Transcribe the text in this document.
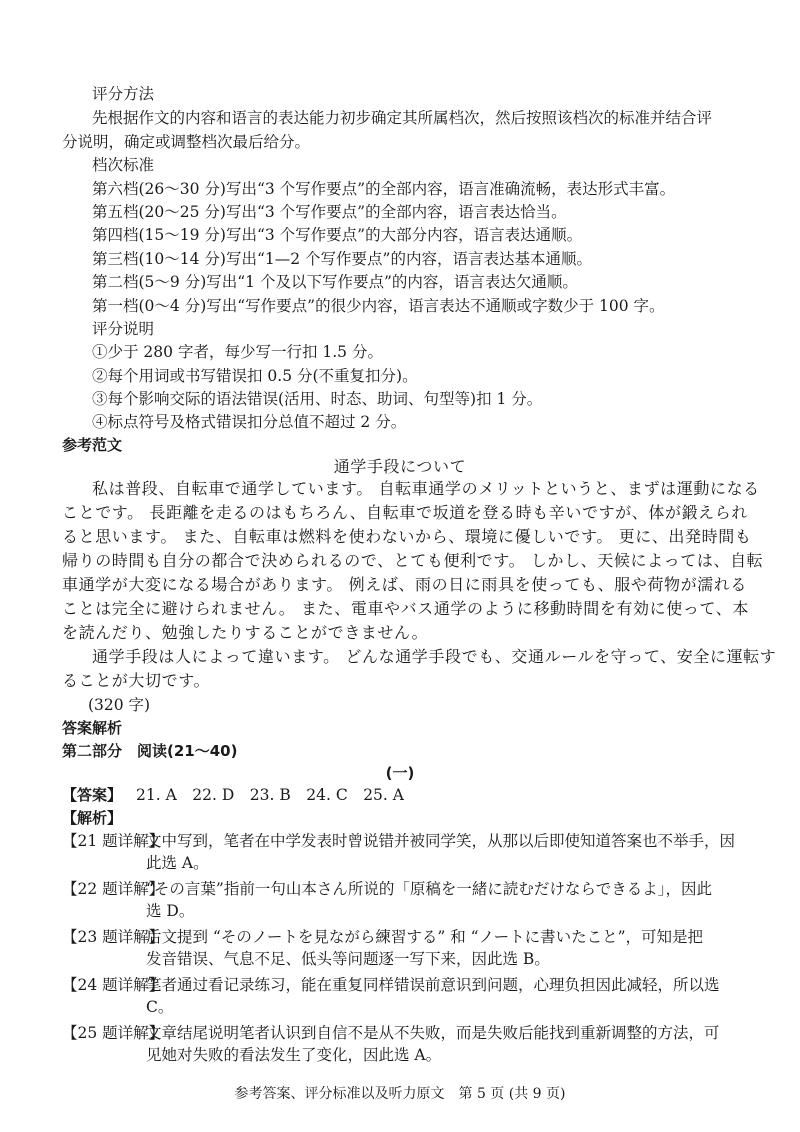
评分方法
先根据作文的内容和语言的表达能力初步确定其所属档次，然后按照该档次的标准并结合评
分说明，确定或调整档次最后给分。
档次标准
第六档(26～30 分)写出“3 个写作要点”的全部内容，语言准确流畅，表达形式丰富。
第五档(20～25 分)写出“3 个写作要点”的全部内容，语言表达恰当。
第四档(15～19 分)写出“3 个写作要点”的大部分内容，语言表达通顺。
第三档(10～14 分)写出“1—2 个写作要点”的内容，语言表达基本通顺。
第二档(5～9 分)写出“1 个及以下写作要点”的内容，语言表达欠通顺。
第一档(0～4 分)写出“写作要点”的很少内容，语言表达不通顺或字数少于 100 字。
评分说明
①少于 280 字者，每少写一行扣 1.5 分。
②每个用词或书写错误扣 0.5 分(不重复扣分)。
③每个影响交际的语法错误(活用、时态、助词、句型等)扣 1 分。
④标点符号及格式错误扣分总值不超过 2 分。
参考范文
通学手段について
私は普段、自転車で通学しています。 自転車通学のメリットというと、まずは運動になる
ことです。 長距離を走るのはもちろん、自転車で坂道を登る時も辛いですが、体が鍛えられ
ると思います。 また、自転車は燃料を使わないから、環境に優しいです。 更に、出発時間も
帰りの時間も自分の都合で決められるので、とても便利です。 しかし、天候によっては、自転
車通学が大変になる場合があります。 例えば、雨の日に雨具を使っても、服や荷物が濡れる
ことは完全に避けられません。 また、電車やバス通学のように移動時間を有効に使って、本
を読んだり、勉強したりすることができません。
通学手段は人によって違います。 どんな通学手段でも、交通ルールを守って、安全に運転す
ることが大切です。
(320 字)
答案解析
第二部分　阅读(21～40)
(一)
【答案】 21. A　22. D　23. B　24. C　25. A
【解析】
【21 题详解】
文中写到，笔者在中学发表时曾说错并被同学笑，从那以后即使知道答案也不举手，因
此选 A。
【22 题详解】
“その言葉”指前一句山本さん所说的「原稿を一緒に読むだけならできるよ」，因此
选 D。
【23 题详解】
后文提到 “そのノートを見ながら練習する” 和 “ノートに書いたこと”，可知是把
发音错误、气息不足、低头等问题逐一写下来，因此选 B。
【24 题详解】
笔者通过看记录练习，能在重复同样错误前意识到问题，心理负担因此减轻，所以选
C。
【25 题详解】
文章结尾说明笔者认识到自信不是从不失败，而是失败后能找到重新调整的方法，可
见她对失败的看法发生了变化，因此选 A。
参考答案、评分标准以及听力原文　第 5 页 (共 9 页)
